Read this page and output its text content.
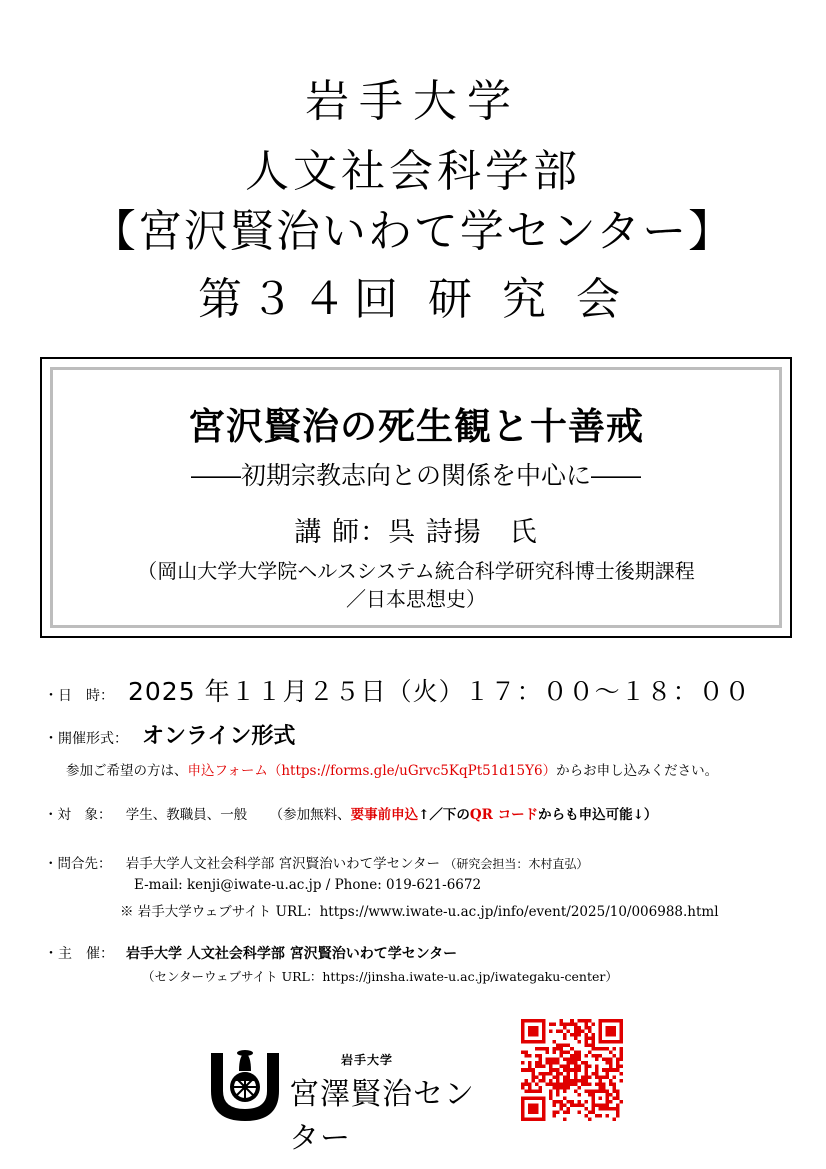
岩手大学
人文社会科学部
【宮沢賢治いわて学センター】
第３４回 研 究 会
宮沢賢治の死生観と十善戒
――初期宗教志向との関係を中心に――
講 師：呉 詩揚　氏
（岡山大学大学院ヘルスシステム統合科学研究科博士後期課程
／日本思想史）
・日　時： 2025 年１１月２５日（火）１７：００～１８：００
・開催形式： オンライン形式
参加ご希望の方は、申込フォーム（https://forms.gle/uGrvc5KqPt51d15Y6）からお申し込みください。
・対　象： 学生、教職員、一般 （参加無料、要事前申込↑／下のQR コードからも申込可能↓）
・問合先： 岩手大学人文社会科学部 宮沢賢治いわて学センター （研究会担当：木村直弘）
E-mail: kenji@iwate-u.ac.jp / Phone: 019-621-6672
※ 岩手大学ウェブサイト URL：https://www.iwate-u.ac.jp/info/event/2025/10/006988.html
・主　催： 岩手大学 人文社会科学部 宮沢賢治いわて学センター
（センターウェブサイト URL：https://jinsha.iwate-u.ac.jp/iwategaku-center）
岩手大学
宮澤賢治センター
